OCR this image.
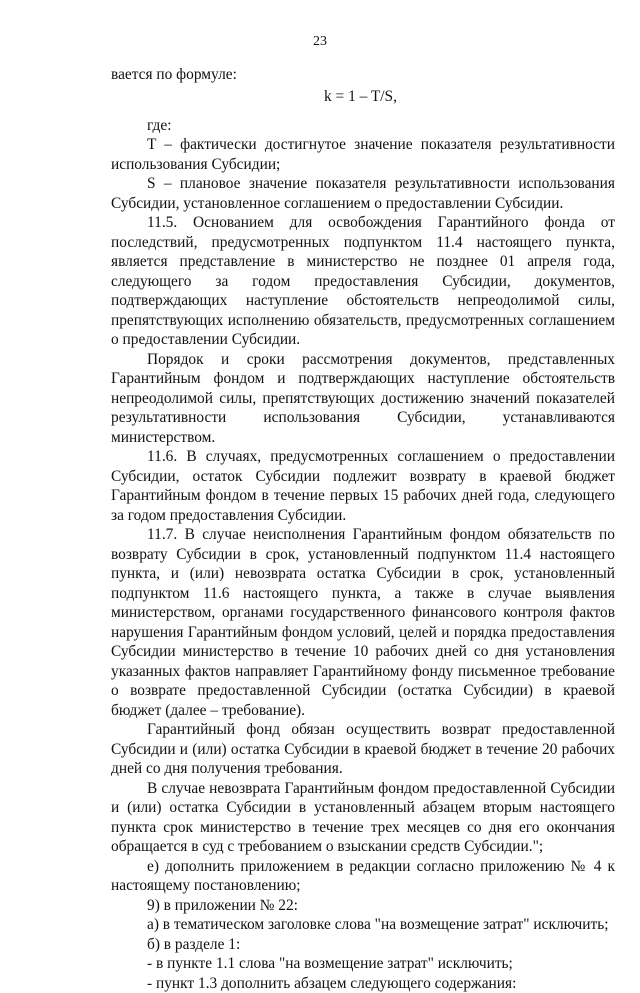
23

вается по формуле:

k = 1 – T/S,

где:

T – фактически достигнутое значение показателя результативности использования Субсидии;

S – плановое значение показателя результативности использования Субсидии, установленное соглашением о предоставлении Субсидии.

11.5. Основанием для освобождения Гарантийного фонда от последствий, предусмотренных подпунктом 11.4 настоящего пункта, является представление в министерство не позднее 01 апреля года, следующего за годом предоставления Субсидии, документов, подтверждающих наступление обстоятельств непреодолимой силы, препятствующих исполнению обязательств, предусмотренных соглашением о предоставлении Субсидии.

Порядок и сроки рассмотрения документов, представленных Гарантийным фондом и подтверждающих наступление обстоятельств непреодолимой силы, препятствующих достижению значений показателей результативности использования Субсидии, устанавливаются министерством.

11.6. В случаях, предусмотренных соглашением о предоставлении Субсидии, остаток Субсидии подлежит возврату в краевой бюджет Гарантийным фондом в течение первых 15 рабочих дней года, следующего за годом предоставления Субсидии.

11.7. В случае неисполнения Гарантийным фондом обязательств по возврату Субсидии в срок, установленный подпунктом 11.4 настоящего пункта, и (или) невозврата остатка Субсидии в срок, установленный подпунктом 11.6 настоящего пункта, а также в случае выявления министерством, органами государственного финансового контроля фактов нарушения Гарантийным фондом условий, целей и порядка предоставления Субсидии министерство в течение 10 рабочих дней со дня установления указанных фактов направляет Гарантийному фонду письменное требование о возврате предоставленной Субсидии (остатка Субсидии) в краевой бюджет (далее – требование).

Гарантийный фонд обязан осуществить возврат предоставленной Субсидии и (или) остатка Субсидии в краевой бюджет в течение 20 рабочих дней со дня получения требования.

В случае невозврата Гарантийным фондом предоставленной Субсидии и (или) остатка Субсидии в установленный абзацем вторым настоящего пункта срок министерство в течение трех месяцев со дня его окончания обращается в суд с требованием о взыскании средств Субсидии.";

е) дополнить приложением в редакции согласно приложению № 4 к настоящему постановлению;

9) в приложении № 22:

а) в тематическом заголовке слова "на возмещение затрат" исключить;

б) в разделе 1:

- в пункте 1.1 слова "на возмещение затрат" исключить;

- пункт 1.3 дополнить абзацем следующего содержания:
